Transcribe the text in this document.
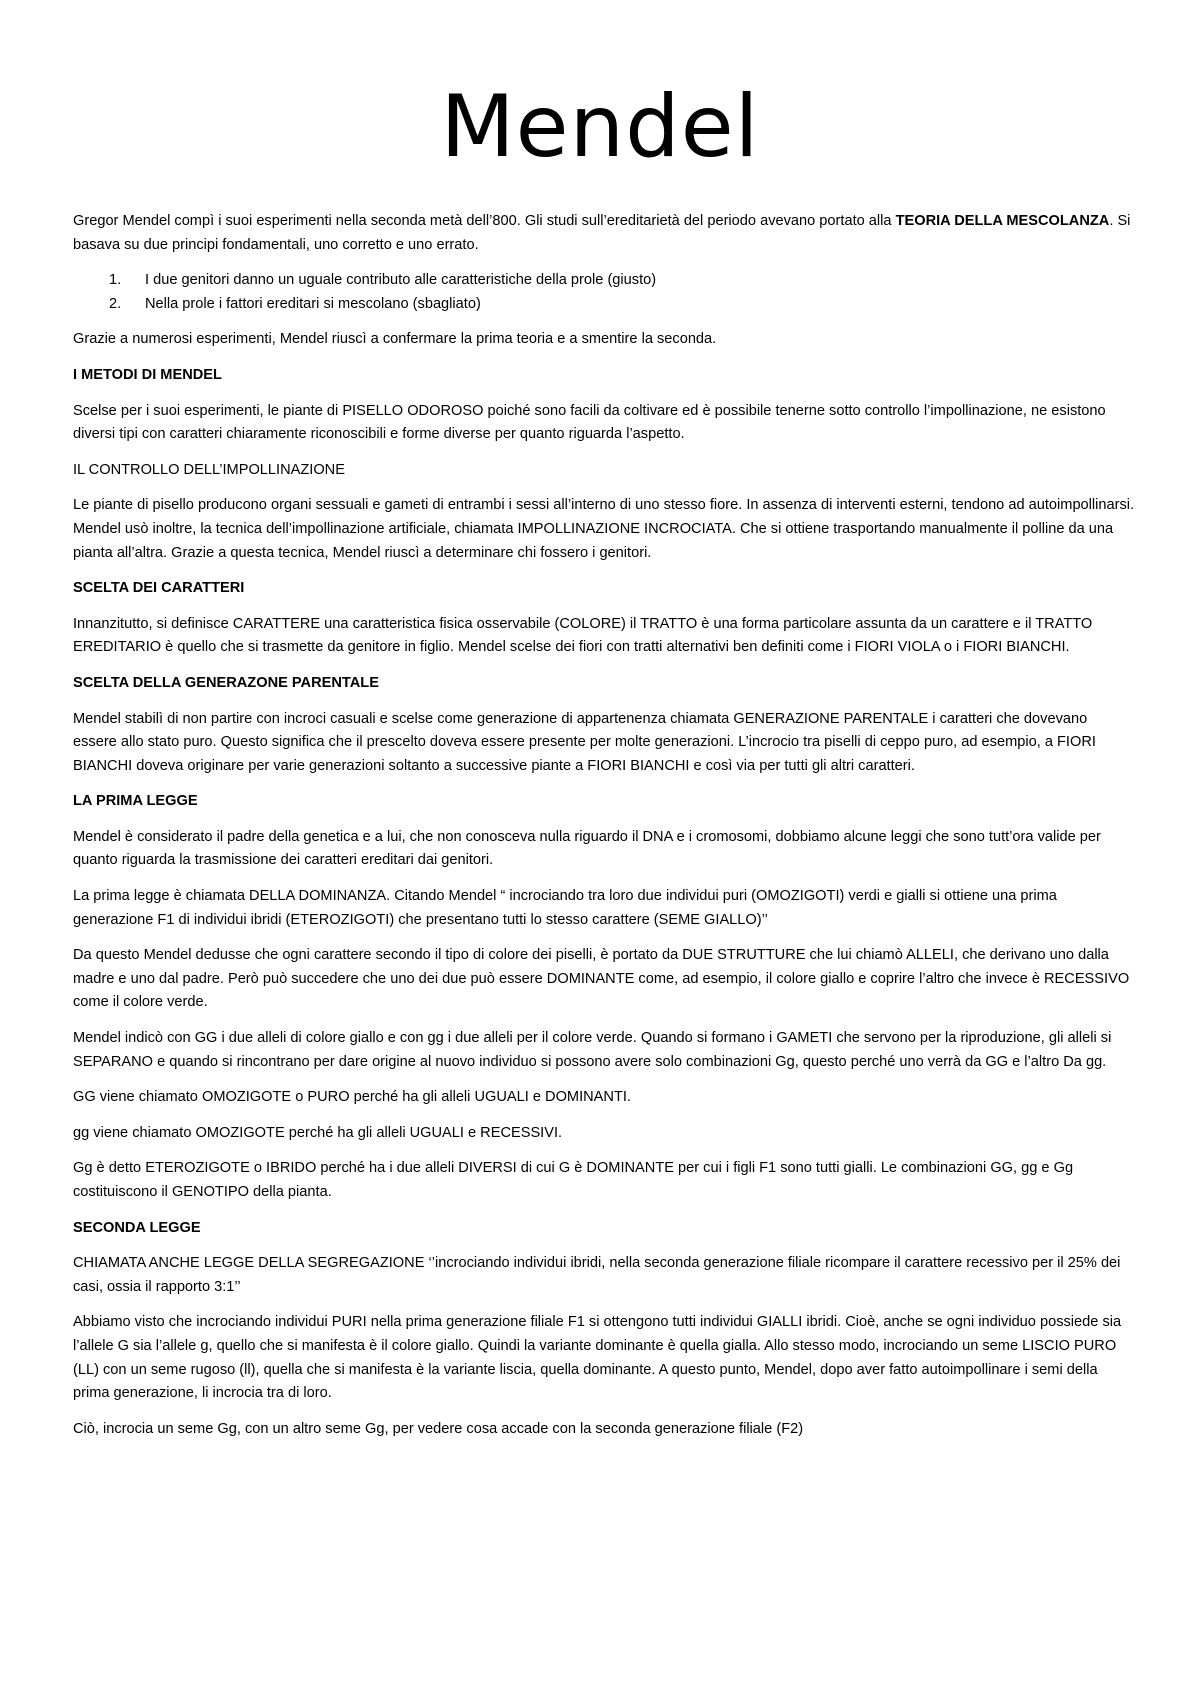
Mendel

Gregor Mendel compì i suoi esperimenti nella seconda metà dell’800. Gli studi sull’ereditarietà del periodo avevano portato alla TEORIA DELLA MESCOLANZA. Si basava su due principi fondamentali, uno corretto e uno errato.

1. I due genitori danno un uguale contributo alle caratteristiche della prole (giusto)
2. Nella prole i fattori ereditari si mescolano (sbagliato)

Grazie a numerosi esperimenti, Mendel riuscì a confermare la prima teoria e a smentire la seconda.

I METODI DI MENDEL

Scelse per i suoi esperimenti, le piante di PISELLO ODOROSO poiché sono facili da coltivare ed è possibile tenerne sotto controllo l’impollinazione, ne esistono diversi tipi con caratteri chiaramente riconoscibili e forme diverse per quanto riguarda l’aspetto.

IL CONTROLLO DELL’IMPOLLINAZIONE

Le piante di pisello producono organi sessuali e gameti di entrambi i sessi all’interno di uno stesso fiore. In assenza di interventi esterni, tendono ad autoimpollinarsi. Mendel usò inoltre, la tecnica dell’impollinazione artificiale, chiamata IMPOLLINAZIONE INCROCIATA. Che si ottiene trasportando manualmente il polline da una pianta all’altra. Grazie a questa tecnica, Mendel riuscì a determinare chi fossero i genitori.

SCELTA DEI CARATTERI

Innanzitutto, si definisce CARATTERE una caratteristica fisica osservabile (COLORE) il TRATTO è una forma particolare assunta da un carattere e il TRATTO EREDITARIO è quello che si trasmette da genitore in figlio. Mendel scelse dei fiori con tratti alternativi ben definiti come i FIORI VIOLA o i FIORI BIANCHI.

SCELTA DELLA GENERAZONE PARENTALE

Mendel stabilì di non partire con incroci casuali e scelse come generazione di appartenenza chiamata GENERAZIONE PARENTALE i caratteri che dovevano essere allo stato puro. Questo significa che il prescelto doveva essere presente per molte generazioni. L’incrocio tra piselli di ceppo puro, ad esempio, a FIORI BIANCHI doveva originare per varie generazioni soltanto a successive piante a FIORI BIANCHI e così via per tutti gli altri caratteri.

LA PRIMA LEGGE

Mendel è considerato il padre della genetica e a lui, che non conosceva nulla riguardo il DNA e i cromosomi, dobbiamo alcune leggi che sono tutt’ora valide per quanto riguarda la trasmissione dei caratteri ereditari dai genitori.

La prima legge è chiamata DELLA DOMINANZA. Citando Mendel “ incrociando tra loro due individui puri (OMOZIGOTI) verdi e gialli si ottiene una prima generazione F1 di individui ibridi (ETEROZIGOTI) che presentano tutti lo stesso carattere (SEME GIALLO)’’

Da questo Mendel dedusse che ogni carattere secondo il tipo di colore dei piselli, è portato da DUE STRUTTURE che lui chiamò ALLELI, che derivano uno dalla madre e uno dal padre. Però può succedere che uno dei due può essere DOMINANTE come, ad esempio, il colore giallo e coprire l’altro che invece è RECESSIVO come il colore verde.

Mendel indicò con GG i due alleli di colore giallo e con gg i due alleli per il colore verde. Quando si formano i GAMETI che servono per la riproduzione, gli alleli si SEPARANO e quando si rincontrano per dare origine al nuovo individuo si possono avere solo combinazioni Gg, questo perché uno verrà da GG e l’altro Da gg.

GG viene chiamato OMOZIGOTE o PURO perché ha gli alleli UGUALI e DOMINANTI.

gg viene chiamato OMOZIGOTE perché ha gli alleli UGUALI e RECESSIVI.

Gg è detto ETEROZIGOTE o IBRIDO perché ha i due alleli DIVERSI di cui G è DOMINANTE per cui i figli F1 sono tutti gialli. Le combinazioni GG, gg e Gg costituiscono il GENOTIPO della pianta.

SECONDA LEGGE

CHIAMATA ANCHE LEGGE DELLA SEGREGAZIONE ‘’incrociando individui ibridi, nella seconda generazione filiale ricompare il carattere recessivo per il 25% dei casi, ossia il rapporto 3:1’’

Abbiamo visto che incrociando individui PURI nella prima generazione filiale F1 si ottengono tutti individui GIALLI ibridi. Cioè, anche se ogni individuo possiede sia l’allele G sia l’allele g, quello che si manifesta è il colore giallo. Quindi la variante dominante è quella gialla. Allo stesso modo, incrociando un seme LISCIO PURO (LL) con un seme rugoso (ll), quella che si manifesta è la variante liscia, quella dominante. A questo punto, Mendel, dopo aver fatto autoimpollinare i semi della prima generazione, li incrocia tra di loro.

Ciò, incrocia un seme Gg, con un altro seme Gg, per vedere cosa accade con la seconda generazione filiale (F2)
